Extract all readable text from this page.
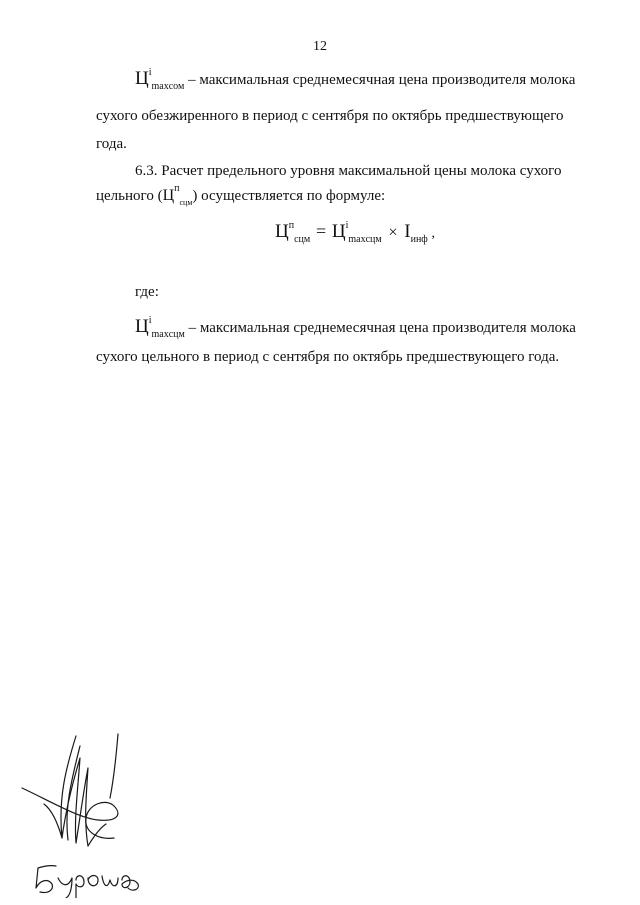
12
$Ц^i_{maxсом}$ – максимальная среднемесячная цена производителя молока
сухого обезжиренного в период с сентября по октябрь предшествующего
года.
6.3. Расчет предельного уровня максимальной цены молока сухого
цельного $(Ц^п_{сцм})$ осуществляется по формуле:
$Ц^п_{сцм} = Ц^i_{maxсцм} \times I_{инф}$ ,
где:
$Ц^i_{maxсцм}$ – максимальная среднемесячная цена производителя молока
сухого цельного в период с сентября по октябрь предшествующего года.
